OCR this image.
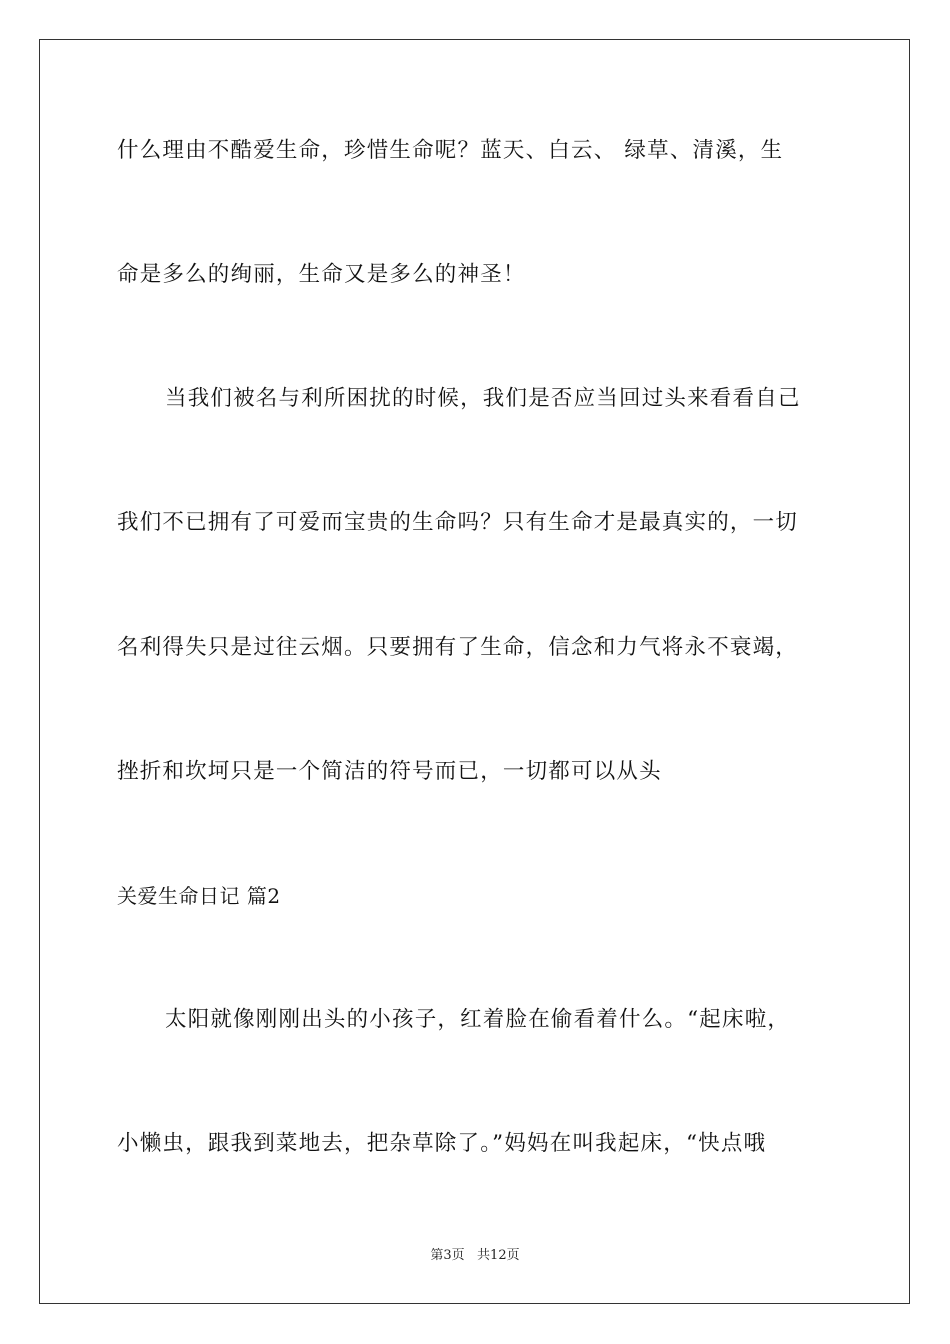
什么理由不酷爱生命，珍惜生命呢？蓝天、白云、 绿草、清溪，生
命是多么的绚丽，生命又是多么的神圣！
当我们被名与利所困扰的时候，我们是否应当回过头来看看自己
我们不已拥有了可爱而宝贵的生命吗？只有生命才是最真实的，一切
名利得失只是过往云烟。只要拥有了生命，信念和力气将永不衰竭，
挫折和坎坷只是一个简洁的符号而已，一切都可以从头
关爱生命日记 篇2
太阳就像刚刚出头的小孩子，红着脸在偷看着什么。“起床啦，
小懒虫，跟我到菜地去，把杂草除了。”妈妈在叫我起床，“快点哦
第3页   共12页
